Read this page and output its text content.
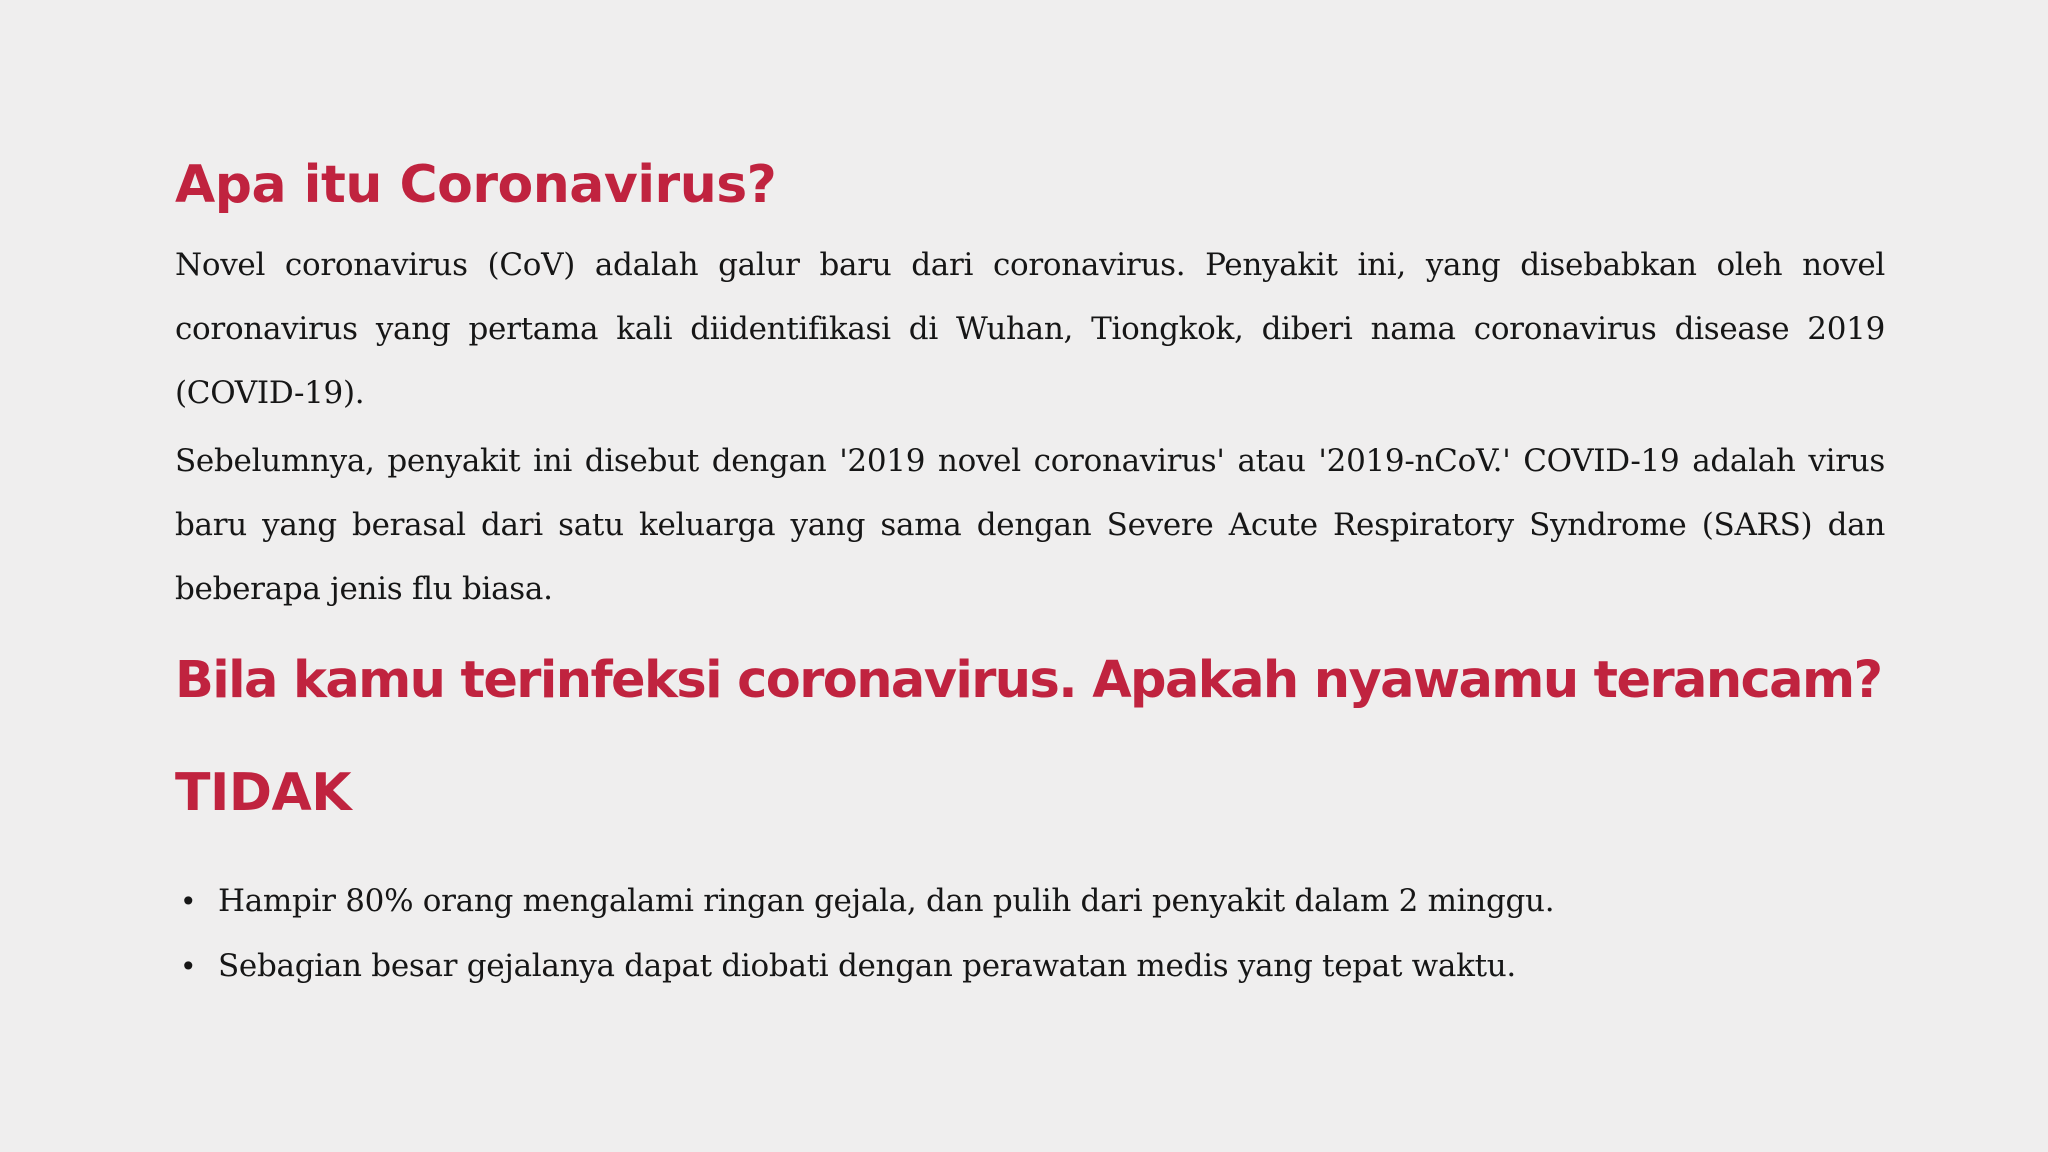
Apa itu Coronavirus?

Novel coronavirus (CoV) adalah galur baru dari coronavirus. Penyakit ini, yang disebabkan oleh novel coronavirus yang pertama kali diidentifikasi di Wuhan, Tiongkok, diberi nama coronavirus disease 2019 (COVID-19).

Sebelumnya, penyakit ini disebut dengan '2019 novel coronavirus' atau '2019-nCoV.' COVID-19 adalah virus baru yang berasal dari satu keluarga yang sama dengan Severe Acute Respiratory Syndrome (SARS) dan beberapa jenis flu biasa.

Bila kamu terinfeksi coronavirus. Apakah nyawamu terancam?
TIDAK
• Hampir 80% orang mengalami ringan gejala, dan pulih dari penyakit dalam 2 minggu.
• Sebagian besar gejalanya dapat diobati dengan perawatan medis yang tepat waktu.
